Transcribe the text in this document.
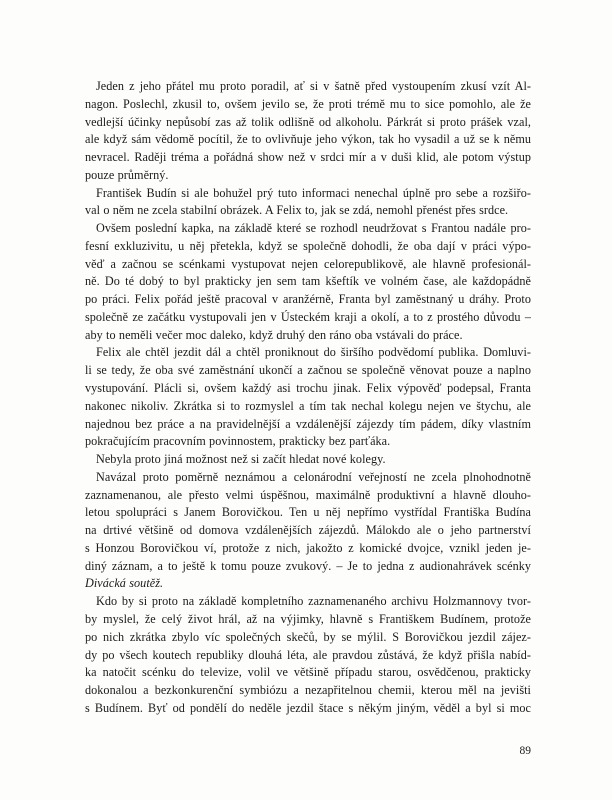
Jeden z jeho přátel mu proto poradil, ať si v šatně před vystoupením zkusí vzít Al-
nagon. Poslechl, zkusil to, ovšem jevilo se, že proti trémě mu to sice pomohlo, ale že
vedlejší účinky nepůsobí zas až tolik odlišně od alkoholu. Párkrát si proto prášek vzal,
ale když sám vědomě pocítil, že to ovlivňuje jeho výkon, tak ho vysadil a už se k němu
nevracel. Raději tréma a pořádná show než v srdci mír a v duši klid, ale potom výstup
pouze průměrný.
František Budín si ale bohužel prý tuto informaci nenechal úplně pro sebe a rozšiřo-
val o něm ne zcela stabilní obrázek. A Felix to, jak se zdá, nemohl přenést přes srdce.
Ovšem poslední kapka, na základě které se rozhodl neudržovat s Frantou nadále pro-
fesní exkluzivitu, u něj přetekla, když se společně dohodli, že oba dají v práci výpo-
věď a začnou se scénkami vystupovat nejen celorepublikově, ale hlavně profesionál-
ně. Do té dobý to byl prakticky jen sem tam kšeftík ve volném čase, ale každopádně
po práci. Felix pořád ještě pracoval v aranžérně, Franta byl zaměstnaný u dráhy. Proto
společně ze začátku vystupovali jen v Ústeckém kraji a okolí, a to z prostého důvodu –
aby to neměli večer moc daleko, když druhý den ráno oba vstávali do práce.
Felix ale chtěl jezdit dál a chtěl proniknout do širšího podvědomí publika. Domluvi-
li se tedy, že oba své zaměstnání ukončí a začnou se společně věnovat pouze a naplno
vystupování. Plácli si, ovšem každý asi trochu jinak. Felix výpověď podepsal, Franta
nakonec nikoliv. Zkrátka si to rozmyslel a tím tak nechal kolegu nejen ve štychu, ale
najednou bez práce a na pravidelnější a vzdálenější zájezdy tím pádem, díky vlastním
pokračujícím pracovním povinnostem, prakticky bez parťáka.
Nebyla proto jiná možnost než si začít hledat nové kolegy.
Navázal proto poměrně neznámou a celonárodní veřejností ne zcela plnohodnotně
zaznamenanou, ale přesto velmi úspěšnou, maximálně produktivní a hlavně dlouho-
letou spolupráci s Janem Borovičkou. Ten u něj nepřímo vystřídal Františka Budína
na drtivé většině od domova vzdálenějších zájezdů. Málokdo ale o jeho partnerství
s Honzou Borovičkou ví, protože z nich, jakožto z komické dvojce, vznikl jeden je-
diný záznam, a to ještě k tomu pouze zvukový. – Je to jedna z audionahrávek scénky
Divácká soutěž.
Kdo by si proto na základě kompletního zaznamenaného archivu Holzmannovy tvor-
by myslel, že celý život hrál, až na výjimky, hlavně s Františkem Budínem, protože
po nich zkrátka zbylo víc společných skečů, by se mýlil. S Borovičkou jezdil zájez-
dy po všech koutech republiky dlouhá léta, ale pravdou zůstává, že když přišla nabíd-
ka natočit scénku do televize, volil ve většině případu starou, osvědčenou, prakticky
dokonalou a bezkonkurenční symbiózu a nezapřitelnou chemii, kterou měl na jevišti
s Budínem. Byť od pondělí do neděle jezdil štace s někým jiným, věděl a byl si moc
89
